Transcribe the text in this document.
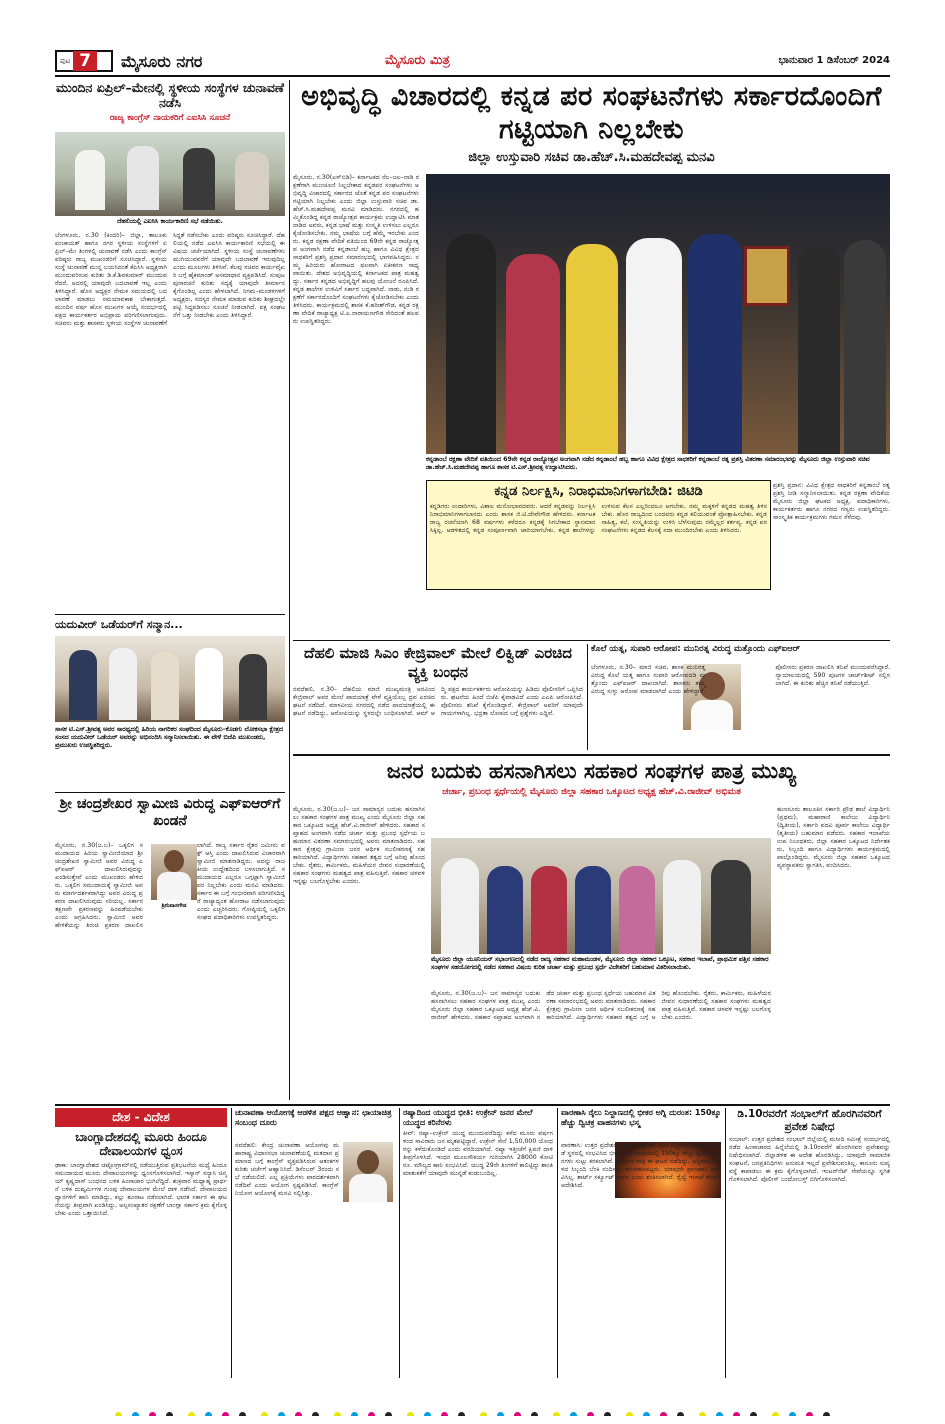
ಪುಟ 7	ಮೈಸೂರು ನಗರ	ಮೈಸೂರು ಮಿತ್ರ	ಭಾನುವಾರ 1 ಡಿಸೆಂಬರ್ 2024
ಮುಂದಿನ ಏಪ್ರಿಲ್–ಮೇನಲ್ಲಿ ಸ್ಥಳೀಯ ಸಂಸ್ಥೆಗಳ ಚುನಾವಣೆ ನಡೆಸಿ
ರಾಜ್ಯ ಕಾಂಗ್ರೆಸ್ ನಾಯಕರಿಗೆ ಎಐಸಿಸಿ ಸೂಚನೆ
ದೆಹಲಿಯಲ್ಲಿ ಎಐಸಿಸಿ ಕಾರ್ಯಕಾರಿಣಿ ಸಭೆ ನಡೆಯಿತು.
ಬೆಂಗಳೂರು, ನ.30 (ಕಿಂದರಿ)– ಜಿಲ್ಲಾ, ತಾಲೂಕು ಪಂಚಾಯತ್ ಹಾಗೂ ನಗರ ಸ್ಥಳೀಯ ಸಂಸ್ಥೆಗಳಿಗೆ ಏಪ್ರಿಲ್–ಮೇ ತಿಂಗಳಲ್ಲಿ ಚುನಾವಣೆ ನಡೆಸಿ ಎಂದು ಕಾಂಗ್ರೆಸ್ ವರಿಷ್ಠರು ರಾಜ್ಯ ಮುಖಂಡರಿಗೆ ಸೂಚಿಸಿದ್ದಾರೆ. ಸ್ಥಳೀಯ ಸಂಸ್ಥೆ ಚುನಾವಣೆ ಮುನ್ನ ಬಯಸಿದಂತೆ ಕೆಪಿಸಿಸಿ ಅಧ್ಯಕ್ಷರಾಗಿ ಮುಂದುವರಿಸುವ ಕುರಿತು ಡಿ.ಕೆ.ಶಿವಕುಮಾರ್ ಮುಂದುವರೆದರೆ, ಅದರಲ್ಲಿ ಯಾವುದೇ ಬದಲಾವಣೆ ಇಲ್ಲ ಎಂದು ತಿಳಿಸಿದ್ದಾರೆ. ಹೊಸ ಅಧ್ಯಕ್ಷರ ನೇಮಕ ಸಮಯದಲ್ಲಿ ಬದಲಾವಣೆ ಮಾಡಲು ಸಮಯಾವಕಾಶ ಬೇಕಾಗುತ್ತದೆ. ಮುಂದಿನ ವರ್ಷ ಹೊಸ ಮುಖಗಳ ಆಯ್ಕೆ ಸಂದರ್ಭದಲ್ಲಿ ಪಕ್ಷದ ಕಾರ್ಯಕರ್ತರ ಅಭಿಪ್ರಾಯ ಪರಿಗಣಿಸಲಾಗುವುದು. ಸಚಿವರು ಮತ್ತು ಶಾಸಕರು ಸ್ಥಳೀಯ ಸಂಸ್ಥೆಗಳ ಚುನಾವಣೆಗೆ ಸಿದ್ಧತೆ ನಡೆಸಬೇಕು ಎಂದು ವರಿಷ್ಠರು ಸೂಚಿಸಿದ್ದಾರೆ. ದೆಹಲಿಯಲ್ಲಿ ನಡೆದ ಎಐಸಿಸಿ ಕಾರ್ಯಕಾರಿಣಿ ಸಭೆಯಲ್ಲಿ ಈ ವಿಷಯ ಚರ್ಚೆಯಾಗಿದೆ. ಸ್ಥಳೀಯ ಸಂಸ್ಥೆ ಚುನಾವಣೆಗಳು ಮುಗಿಯುವವರೆಗೆ ಯಾವುದೇ ಬದಲಾವಣೆ ಇರುವುದಿಲ್ಲ ಎಂದು ಮೂಲಗಳು ತಿಳಿಸಿವೆ. ಕೆಲವು ಸಚಿವರ ಕಾರ್ಯವೈಖರಿ ಬಗ್ಗೆ ಹೈಕಮಾಂಡ್ ಅಸಮಾಧಾನ ವ್ಯಕ್ತಪಡಿಸಿದೆ. ಸಂಪುಟ ಪುನಾರಚನೆ ಕುರಿತು ಸದ್ಯಕ್ಕೆ ಯಾವುದೇ ತೀರ್ಮಾನ ಕೈಗೊಂಡಿಲ್ಲ ಎಂದು ಹೇಳಲಾಗಿದೆ. ನಿಗಮ–ಮಂಡಳಿಗಳಿಗೆ ಅಧ್ಯಕ್ಷರು, ಸದಸ್ಯರ ನೇಮಕ ಮಾಡುವ ಕುರಿತು ಶೀಘ್ರದಲ್ಲೇ ಪಟ್ಟಿ ಸಿದ್ಧಪಡಿಸಲು ಸೂಚನೆ ನೀಡಲಾಗಿದೆ. ಪಕ್ಷ ಸಂಘಟನೆಗೆ ಒತ್ತು ನೀಡಬೇಕು ಎಂದು ತಿಳಿಸಿದ್ದಾರೆ.
ಯದುವೀರ್ ಒಡೆಯರ್‌ಗೆ ಸನ್ಮಾನ...
ಸಾಸಕ ಟಿ.ಎಸ್.ಶ್ರೀವತ್ಸ ಅವರ ಸಾರಥ್ಯದಲ್ಲಿ ಹಿರಿಯ ನಾಗರಿಕರ ಸಂಘದಿಂದ ಮೈಸೂರು–ಕೊಡಗು ಲೋಕಸಭಾ ಕ್ಷೇತ್ರದ ಸಂಸದ ಯದುವೀರ್ ಒಡೆಯರ್ ಅವರನ್ನು ಅಭಿನಂದಿಸಿ ಸನ್ಮಾನಿಸಲಾಯಿತು. ಈ ವೇಳೆ ಬಿಜೆಪಿ ಮುಖಂಡರು, ಪ್ರಮುಖರು ಉಪಸ್ಥಿತರಿದ್ದರು.
ಶ್ರೀ ಚಂದ್ರಶೇಖರ ಸ್ವಾಮೀಜಿ ವಿರುದ್ಧ ಎಫ್‌ಐಆರ್‌ಗೆ ಖಂಡನೆ
ಶ್ರೀನಿವಾಸಗೌಡ
ಮೈಸೂರು, ನ.30(ಜ.ಬ)– ಒಕ್ಕಲಿಗ ಸಮುದಾಯದ ಹಿರಿಯ ಸ್ವಾಮೀಜಿಯಾದ ಶ್ರೀ ಚಂದ್ರಶೇಖರ ಸ್ವಾಮೀಜಿ ಅವರ ವಿರುದ್ಧ ಎಫ್‌ಐಆರ್ ದಾಖಲಿಸಿರುವುದನ್ನು ಖಂಡಿಸುತ್ತೇವೆ ಎಂದು ಮುಖಂಡರು ಹೇಳಿದರು. ಒಕ್ಕಲಿಗ ಸಮುದಾಯಕ್ಕೆ ಸ್ವಾಮೀಜಿ ಅವರು ಮಾರ್ಗದರ್ಶಕರಾಗಿದ್ದು ಅವರ ವಿರುದ್ಧ ಪ್ರಕರಣ ದಾಖಲಿಸಿರುವುದು ಸರಿಯಲ್ಲ. ಸರ್ಕಾರ ತಕ್ಷಣವೇ ಪ್ರಕರಣವನ್ನು ಹಿಂಪಡೆಯಬೇಕು ಎಂದು ಆಗ್ರಹಿಸಿದರು. ಸ್ವಾಮೀಜಿ ಅವರ ಹೇಳಿಕೆಯನ್ನು ತಿರುಚಿ ಪ್ರಕರಣ ದಾಖಲಿಸಲಾಗಿದೆ. ರಾಜ್ಯ ಸರ್ಕಾರ ರೈತರ ಜಮೀನು ವಕ್ಫ್ ಆಸ್ತಿ ಎಂದು ದಾಖಲಿಸಿರುವ ವಿಚಾರವಾಗಿ ಸ್ವಾಮೀಜಿ ಮಾತನಾಡಿದ್ದರು. ಅದನ್ನು ರಾಜಕೀಯ ಉದ್ದೇಶದಿಂದ ಬಳಸಲಾಗುತ್ತಿದೆ. ಸಮುದಾಯದ ಎಲ್ಲರೂ ಒಗ್ಗಟ್ಟಾಗಿ ಸ್ವಾಮೀಜಿ ಪರ ನಿಲ್ಲಬೇಕು ಎಂದು ಮನವಿ ಮಾಡಿದರು. ಸರ್ಕಾರ ಈ ಬಗ್ಗೆ ಗಂಭೀರವಾಗಿ ಪರಿಗಣಿಸದಿದ್ದರೆ ರಾಜ್ಯಾದ್ಯಂತ ಹೋರಾಟ ನಡೆಸಲಾಗುವುದು ಎಂದು ಎಚ್ಚರಿಸಿದರು. ಗೋಷ್ಠಿಯಲ್ಲಿ ಒಕ್ಕಲಿಗ ಸಂಘದ ಪದಾಧಿಕಾರಿಗಳು ಉಪಸ್ಥಿತರಿದ್ದರು.
ಅಭಿವೃದ್ಧಿ ವಿಚಾರದಲ್ಲಿ ಕನ್ನಡ ಪರ ಸಂಘಟನೆಗಳು ಸರ್ಕಾರದೊಂದಿಗೆ ಗಟ್ಟಿಯಾಗಿ ನಿಲ್ಲಬೇಕು
ಜಿಲ್ಲಾ ಉಸ್ತುವಾರಿ ಸಚಿವ ಡಾ.ಹೆಚ್.ಸಿ.ಮಹದೇವಪ್ಪ ಮನವಿ
ಮೈಸೂರು, ನ.30(ಎಸ್‌ಬಿಡಿ)– ಕರ್ನಾಟಕದ ನೆಲ–ಜಲ–ನಾಡಿ ರಕ್ಷಣೆಗಾಗಿ ಮುಂಚೂಣಿ ನಿಲ್ಲಬೇಕಾದ ಕನ್ನಡಪರ ಸಂಘಟನೆಗಳು ಅಭಿವೃದ್ಧಿ ವಿಚಾರದಲ್ಲಿ ಸರ್ಕಾರದ ಜೊತೆ ಕನ್ನಡ ಪರ ಸಂಘಟನೆಗಳು ಗಟ್ಟಿಯಾಗಿ ನಿಲ್ಲಬೇಕು ಎಂದು ಜಿಲ್ಲಾ ಉಸ್ತುವಾರಿ ಸಚಿವ ಡಾ.ಹೆಚ್.ಸಿ.ಮಹದೇವಪ್ಪ ಮನವಿ ಮಾಡಿದರು. ನಗರದಲ್ಲಿ ಹಮ್ಮಿಕೊಂಡಿದ್ದ ಕನ್ನಡ ರಾಜ್ಯೋತ್ಸವ ಕಾರ್ಯಕ್ರಮ ಉದ್ಘಾಟಿಸಿ ಮಾತನಾಡಿದ ಅವರು, ಕನ್ನಡ ಭಾಷೆ ಮತ್ತು ಸಂಸ್ಕೃತಿ ಉಳಿಸಲು ಎಲ್ಲರೂ ಕೈಜೋಡಿಸಬೇಕು. ನಮ್ಮ ಭಾಷೆಯ ಬಗ್ಗೆ ಹೆಮ್ಮೆ ಇರಬೇಕು ಎಂದರು. ಕನ್ನಡ ರಕ್ಷಣಾ ವೇದಿಕೆ ವತಿಯಿಂದ 69ನೇ ಕನ್ನಡ ರಾಜ್ಯೋತ್ಸವ ಅಂಗವಾಗಿ ನಡೆದ ಕನ್ನಡಾಂಬೆ ಹಬ್ಬ ಹಾಗೂ ವಿವಿಧ ಕ್ಷೇತ್ರದ ಸಾಧಕರಿಗೆ ಪ್ರಶಸ್ತಿ ಪ್ರದಾನ ಸಮಾರಂಭದಲ್ಲಿ ಭಾಗವಹಿಸಿದ್ದರು. ನಮ್ಮ ಹಿರಿಯರು ಹೋರಾಟದ ಫಲವಾಗಿ ಏಕೀಕರಣ ಸಾಧ್ಯವಾಯಿತು. ದೇಶದ ಅಭಿವೃದ್ಧಿಯಲ್ಲಿ ಕರ್ನಾಟಕದ ಪಾತ್ರ ಮಹತ್ವದ್ದು. ಸರ್ಕಾರ ಕನ್ನಡದ ಅಭಿವೃದ್ಧಿಗೆ ಹಲವು ಯೋಜನೆ ರೂಪಿಸಿದೆ. ಕನ್ನಡ ಶಾಲೆಗಳ ಉಳಿವಿಗೆ ಸರ್ಕಾರ ಬದ್ಧವಾಗಿದೆ. ನಾಡು, ನುಡಿ ರಕ್ಷಣೆಗೆ ಸರ್ಕಾರದೊಂದಿಗೆ ಸಂಘಟನೆಗಳು ಕೈಜೋಡಿಸಬೇಕು ಎಂದು ತಿಳಿಸಿದರು. ಕಾರ್ಯಕ್ರಮದಲ್ಲಿ ಶಾಸಕ ಕೆ.ಹರೀಶ್‌ಗೌಡ, ಕನ್ನಡ ರಕ್ಷಣಾ ವೇದಿಕೆ ರಾಜ್ಯಾಧ್ಯಕ್ಷ ಟಿ.ಎ.ನಾರಾಯಣಗೌಡ ಸೇರಿದಂತೆ ಹಲವರು ಉಪಸ್ಥಿತರಿದ್ದರು.
ಕನ್ನಡಾಂಬೆ ರಕ್ಷಣಾ ವೇದಿಕೆ ವತಿಯಿಂದ 69ನೇ ಕನ್ನಡ ರಾಜ್ಯೋತ್ಸವ ಅಂಗವಾಗಿ ನಡೆದ ಕನ್ನಡಾಂಬೆ ಹಬ್ಬ ಹಾಗೂ ವಿವಿಧ ಕ್ಷೇತ್ರದ ಸಾಧಕರಿಗೆ ಕನ್ನಡಾಂಬೆ ರತ್ನ ಪ್ರಶಸ್ತಿ ವಿತರಣಾ ಸಮಾರಂಭವನ್ನು ಮೈಸೂರು ಜಿಲ್ಲಾ ಉಸ್ತುವಾರಿ ಸಚಿವ ಡಾ.ಹೆಚ್.ಸಿ.ಮಹದೇವಪ್ಪ ಹಾಗೂ ಶಾಸಕ ಟಿ.ಎಸ್.ಶ್ರೀವತ್ಸ ಉದ್ಘಾಟಿಸಿದರು.
ಪ್ರಶಸ್ತಿ ಪ್ರದಾನ: ವಿವಿಧ ಕ್ಷೇತ್ರದ ಸಾಧಕರಿಗೆ ಕನ್ನಡಾಂಬೆ ರತ್ನ ಪ್ರಶಸ್ತಿ ನೀಡಿ ಸನ್ಮಾನಿಸಲಾಯಿತು. ಕನ್ನಡ ರಕ್ಷಣಾ ವೇದಿಕೆಯ ಮೈಸೂರು ಜಿಲ್ಲಾ ಘಟಕದ ಅಧ್ಯಕ್ಷ, ಪದಾಧಿಕಾರಿಗಳು, ಕಾರ್ಯಕರ್ತರು ಹಾಗೂ ನಗರದ ಗಣ್ಯರು ಉಪಸ್ಥಿತರಿದ್ದರು. ಸಾಂಸ್ಕೃತಿಕ ಕಾರ್ಯಕ್ರಮಗಳು ಗಮನ ಸೆಳೆದವು.
ಕನ್ನಡ ನಿರ್ಲಕ್ಷಿಸಿ, ನಿರಾಭಿಮಾನಿಗಳಾಗಬೇಡಿ: ಜಿಟಿಡಿ
ಕನ್ನಡಿಗರು ಉದಾರಿಗಳು, ವಿಶಾಲ ಮನೋಭಾವದವರು. ಆದರೆ ಕನ್ನಡವನ್ನು ನಿರ್ಲಕ್ಷಿಸಿ ನಿರಾಭಿಮಾನಿಗಳಾಗಬಾರದು ಎಂದು ಶಾಸಕ ಜಿ.ಟಿ.ದೇವೇಗೌಡ ಹೇಳಿದರು. ಕರ್ನಾಟಕ ರಾಜ್ಯ ರಚನೆಯಾಗಿ 68 ವರ್ಷಗಳು ಕಳೆದರೂ ಕನ್ನಡಕ್ಕೆ ಸಿಗಬೇಕಾದ ಸ್ಥಾನಮಾನ ಸಿಕ್ಕಿಲ್ಲ. ಆಡಳಿತದಲ್ಲಿ ಕನ್ನಡ ಸಂಪೂರ್ಣವಾಗಿ ಜಾರಿಯಾಗಬೇಕು. ಕನ್ನಡ ಶಾಲೆಗಳನ್ನು ಉಳಿಸುವ ಕೆಲಸ ಎಲ್ಲರಿಂದಲೂ ಆಗಬೇಕು. ನಮ್ಮ ಮಕ್ಕಳಿಗೆ ಕನ್ನಡದ ಮಹತ್ವ ತಿಳಿಸಬೇಕು. ಹೊರ ರಾಜ್ಯದಿಂದ ಬಂದವರು ಕನ್ನಡ ಕಲಿಯುವಂತೆ ಪ್ರೋತ್ಸಾಹಿಸಬೇಕು. ಕನ್ನಡ ಸಾಹಿತ್ಯ, ಕಲೆ, ಸಂಸ್ಕೃತಿಯನ್ನು ಉಳಿಸಿ ಬೆಳೆಸುವುದು ನಮ್ಮೆಲ್ಲರ ಕರ್ತವ್ಯ. ಕನ್ನಡ ಪರ ಸಂಘಟನೆಗಳು ಕನ್ನಡದ ಕೆಲಸಕ್ಕೆ ಸದಾ ಮುಂದಿರಬೇಕು ಎಂದು ತಿಳಿಸಿದರು.
ದೆಹಲಿ ಮಾಜಿ ಸಿಎಂ ಕೇಜ್ರಿವಾಲ್ ಮೇಲೆ ಲಿಕ್ವಿಡ್ ಎರಚಿದ ವ್ಯಕ್ತಿ ಬಂಧನ
ನವದೆಹಲಿ, ನ.30– ದೆಹಲಿಯ ಮಾಜಿ ಮುಖ್ಯಮಂತ್ರಿ ಅರವಿಂದ ಕೇಜ್ರಿವಾಲ್ ಅವರ ಮೇಲೆ ಪಾದಯಾತ್ರೆ ವೇಳೆ ವ್ಯಕ್ತಿಯೊಬ್ಬ ದ್ರವ ಎರಚಿದ ಘಟನೆ ನಡೆದಿದೆ. ಮಾಳವೀಯ ನಗರದಲ್ಲಿ ನಡೆದ ಪಾದಯಾತ್ರೆಯಲ್ಲಿ ಈ ಘಟನೆ ನಡೆದಿದ್ದು, ಆರೋಪಿಯನ್ನು ಸ್ಥಳದಲ್ಲೇ ಬಂಧಿಸಲಾಗಿದೆ. ಆಮ್ ಆದ್ಮಿ ಪಕ್ಷದ ಕಾರ್ಯಕರ್ತರು ಆರೋಪಿಯನ್ನು ಹಿಡಿದು ಪೊಲೀಸರಿಗೆ ಒಪ್ಪಿಸಿದರು. ಘಟನೆಯ ಹಿಂದೆ ಬಿಜೆಪಿ ಕೈವಾಡವಿದೆ ಎಂದು ಎಎಪಿ ಆರೋಪಿಸಿದೆ. ಪೊಲೀಸರು ತನಿಖೆ ಕೈಗೊಂಡಿದ್ದಾರೆ. ಕೇಜ್ರಿವಾಲ್ ಅವರಿಗೆ ಯಾವುದೇ ಗಾಯಗಳಾಗಿಲ್ಲ. ಭದ್ರತಾ ಲೋಪದ ಬಗ್ಗೆ ಪ್ರಶ್ನೆಗಳು ಎದ್ದಿವೆ.
ಕೊಲೆ ಯತ್ನ, ಸುಪಾರಿ ಆರೋಪ: ಮುನಿರತ್ನ ವಿರುದ್ಧ ಮತ್ತೊಂದು ಎಫ್‌ಐಆರ್
ಬೆಂಗಳೂರು, ನ.30– ಮಾಜಿ ಸಚಿವ, ಶಾಸಕ ಮುನಿರತ್ನ ವಿರುದ್ಧ ಕೊಲೆ ಯತ್ನ ಹಾಗೂ ಸುಪಾರಿ ಆರೋಪದಡಿ ಮತ್ತೊಂದು ಎಫ್‌ಐಆರ್ ದಾಖಲಾಗಿದೆ. ಶಾಸಕರು ತಮ್ಮ ವಿರುದ್ಧ ಸುಳ್ಳು ಆರೋಪ ಮಾಡಲಾಗಿದೆ ಎಂದು ಹೇಳಿದ್ದಾರೆ. ಪೊಲೀಸರು ಪ್ರಕರಣ ದಾಖಲಿಸಿ ತನಿಖೆ ಮುಂದುವರೆಸಿದ್ದಾರೆ. ನ್ಯಾಯಾಲಯದಲ್ಲಿ 590 ಪುಟಗಳ ಚಾರ್ಜ್‌ಶೀಟ್ ಸಲ್ಲಿಸಲಾಗಿದೆ. ಈ ಕುರಿತು ಹೆಚ್ಚಿನ ತನಿಖೆ ನಡೆಯುತ್ತಿದೆ.
ಜನರ ಬದುಕು ಹಸನಾಗಿಸಲು ಸಹಕಾರ ಸಂಘಗಳ ಪಾತ್ರ ಮುಖ್ಯ
ಚರ್ಚಾ, ಪ್ರಬಂಧ ಸ್ಪರ್ಧೆಯಲ್ಲಿ ಮೈಸೂರು ಜಿಲ್ಲಾ ಸಹಕಾರ ಒಕ್ಕೂಟದ ಅಧ್ಯಕ್ಷ ಹೆಚ್.ವಿ.ರಾಜೀವ್ ಅಭಿಮತ
ಮೈಸೂರು, ನ.30(ಜ.ಬ)– ಜನ ಸಾಮಾನ್ಯರ ಬದುಕು ಹಸನಾಗಿಸಲು ಸಹಕಾರ ಸಂಘಗಳ ಪಾತ್ರ ಮುಖ್ಯ ಎಂದು ಮೈಸೂರು ಜಿಲ್ಲಾ ಸಹಕಾರ ಒಕ್ಕೂಟದ ಅಧ್ಯಕ್ಷ ಹೆಚ್.ವಿ.ರಾಜೀವ್ ಹೇಳಿದರು. ಸಹಕಾರ ಸಪ್ತಾಹದ ಅಂಗವಾಗಿ ನಡೆದ ಚರ್ಚಾ ಮತ್ತು ಪ್ರಬಂಧ ಸ್ಪರ್ಧೆಯ ಬಹುಮಾನ ವಿತರಣಾ ಸಮಾರಂಭದಲ್ಲಿ ಅವರು ಮಾತನಾಡಿದರು. ಸಹಕಾರ ಕ್ಷೇತ್ರವು ಗ್ರಾಮೀಣ ಜನರ ಆರ್ಥಿಕ ಸಬಲೀಕರಣಕ್ಕೆ ಸಹಕಾರಿಯಾಗಿದೆ. ವಿದ್ಯಾರ್ಥಿಗಳು ಸಹಕಾರ ತತ್ವದ ಬಗ್ಗೆ ಅರಿವು ಹೊಂದಬೇಕು. ರೈತರು, ಕಾರ್ಮಿಕರು, ಮಹಿಳೆಯರ ಜೀವನ ಸುಧಾರಣೆಯಲ್ಲಿ ಸಹಕಾರ ಸಂಘಗಳು ಮಹತ್ವದ ಪಾತ್ರ ವಹಿಸುತ್ತಿವೆ. ಸಹಕಾರ ಚಳವಳಿ ಇನ್ನಷ್ಟು ಬಲಗೊಳ್ಳಬೇಕು ಎಂದರು.
ಮೈಸೂರು ಜಿಲ್ಲಾ ಯೂನಿಯನ್ ಸಭಾಂಗಣದಲ್ಲಿ ನಡೆದ ರಾಜ್ಯ ಸಹಕಾರ ಮಹಾಮಂಡಳ, ಮೈಸೂರು ಜಿಲ್ಲಾ ಸಹಕಾರ ಒಕ್ಕೂಟ, ಸಹಕಾರ ಇಲಾಖೆ, ಪ್ರಾಥಮಿಕ ಪತ್ತಿನ ಸಹಕಾರ ಸಂಘಗಳ ಸಹಯೋಗದಲ್ಲಿ ನಡೆದ ಸಹಕಾರ ವಿಷಯ ಕುರಿತ ಚರ್ಚಾ ಮತ್ತು ಪ್ರಬಂಧ ಸ್ಪರ್ಧೆ ವಿಜೇತರಿಗೆ ಬಹುಮಾನ ವಿತರಿಸಲಾಯಿತು.
ಹುಣಸೂರು ತಾಲೂಕಿನ ಸರ್ಕಾರಿ ಪ್ರೌಢ ಶಾಲೆ ವಿದ್ಯಾರ್ಥಿನಿ (ಪ್ರಥಮ), ಮಹಾರಾಣಿ ಕಾಲೇಜು ವಿದ್ಯಾರ್ಥಿನಿ (ದ್ವಿತೀಯ), ಸರ್ಕಾರಿ ಪದವಿ ಪೂರ್ವ ಕಾಲೇಜು ವಿದ್ಯಾರ್ಥಿ (ತೃತೀಯ) ಬಹುಮಾನ ಪಡೆದರು. ಸಹಕಾರ ಇಲಾಖೆಯ ಉಪ ನಿಬಂಧಕರು, ಜಿಲ್ಲಾ ಸಹಕಾರ ಒಕ್ಕೂಟದ ನಿರ್ದೇಶಕರು, ಸಿಬ್ಬಂದಿ ಹಾಗೂ ವಿದ್ಯಾರ್ಥಿಗಳು ಕಾರ್ಯಕ್ರಮದಲ್ಲಿ ಪಾಲ್ಗೊಂಡಿದ್ದರು. ಮೈಸೂರು ಜಿಲ್ಲಾ ಸಹಕಾರ ಒಕ್ಕೂಟದ ವ್ಯವಸ್ಥಾಪಕರು ಸ್ವಾಗತಿಸಿ, ವಂದಿಸಿದರು.
ಮೈಸೂರು, ನ.30(ಜ.ಬ)– ಜನ ಸಾಮಾನ್ಯರ ಬದುಕು ಹಸನಾಗಿಸಲು ಸಹಕಾರ ಸಂಘಗಳ ಪಾತ್ರ ಮುಖ್ಯ ಎಂದು ಮೈಸೂರು ಜಿಲ್ಲಾ ಸಹಕಾರ ಒಕ್ಕೂಟದ ಅಧ್ಯಕ್ಷ ಹೆಚ್.ವಿ.ರಾಜೀವ್ ಹೇಳಿದರು. ಸಹಕಾರ ಸಪ್ತಾಹದ ಅಂಗವಾಗಿ ನಡೆದ ಚರ್ಚಾ ಮತ್ತು ಪ್ರಬಂಧ ಸ್ಪರ್ಧೆಯ ಬಹುಮಾನ ವಿತರಣಾ ಸಮಾರಂಭದಲ್ಲಿ ಅವರು ಮಾತನಾಡಿದರು. ಸಹಕಾರ ಕ್ಷೇತ್ರವು ಗ್ರಾಮೀಣ ಜನರ ಆರ್ಥಿಕ ಸಬಲೀಕರಣಕ್ಕೆ ಸಹಕಾರಿಯಾಗಿದೆ. ವಿದ್ಯಾರ್ಥಿಗಳು ಸಹಕಾರ ತತ್ವದ ಬಗ್ಗೆ ಅರಿವು ಹೊಂದಬೇಕು. ರೈತರು, ಕಾರ್ಮಿಕರು, ಮಹಿಳೆಯರ ಜೀವನ ಸುಧಾರಣೆಯಲ್ಲಿ ಸಹಕಾರ ಸಂಘಗಳು ಮಹತ್ವದ ಪಾತ್ರ ವಹಿಸುತ್ತಿವೆ. ಸಹಕಾರ ಚಳವಳಿ ಇನ್ನಷ್ಟು ಬಲಗೊಳ್ಳಬೇಕು ಎಂದರು.
ದೇಶ - ವಿದೇಶ
ಬಾಂಗ್ಲಾದೇಶದಲ್ಲಿ ಮೂರು ಹಿಂದೂ ದೇವಾಲಯಗಳ ಧ್ವಂಸ
ಢಾಕಾ: ಬಾಂಗ್ಲಾದೇಶದ ಚಟ್ಟೋಗ್ರಾಮ್‌ನಲ್ಲಿ ನಡೆಯುತ್ತಿರುವ ಪ್ರತಿಭಟನೆಯ ಮಧ್ಯೆ ಹಿಂದೂ ಸಮುದಾಯದ ಮೂರು ದೇವಾಲಯಗಳನ್ನು ಧ್ವಂಸಗೊಳಿಸಲಾಗಿದೆ. ಇಸ್ಕಾನ್ ಸನ್ಯಾಸಿ ಚಿನ್ಮಯ್ ಕೃಷ್ಣದಾಸ್ ಬಂಧನದ ಬಳಿಕ ಹಿಂಸಾಚಾರ ಭುಗಿಲೆದ್ದಿದೆ. ಶುಕ್ರವಾರ ಮಧ್ಯಾಹ್ನ ಪ್ರಾರ್ಥನೆ ಬಳಿಕ ದುಷ್ಕರ್ಮಿಗಳ ಗುಂಪು ದೇವಾಲಯಗಳ ಮೇಲೆ ದಾಳಿ ನಡೆಸಿದೆ. ದೇವಾಲಯದ ದ್ವಾರಗಳಿಗೆ ಹಾನಿ ಮಾಡಿದ್ದು, ಕಲ್ಲು ತೂರಾಟ ನಡೆಸಲಾಗಿದೆ. ಭಾರತ ಸರ್ಕಾರ ಈ ಘಟನೆಯನ್ನು ತೀವ್ರವಾಗಿ ಖಂಡಿಸಿದ್ದು, ಅಲ್ಪಸಂಖ್ಯಾತರ ರಕ್ಷಣೆಗೆ ಬಾಂಗ್ಲಾ ಸರ್ಕಾರ ಕ್ರಮ ಕೈಗೊಳ್ಳಬೇಕು ಎಂದು ಒತ್ತಾಯಿಸಿದೆ.
ಚುನಾವಣಾ ಆಯೋಗಕ್ಕೆ ಆಡಳಿತ ಪಕ್ಷದ ಆಹ್ವಾನ: ಛಾಯಾಚಿತ್ರ ಸಂಬಂಧ ದೂರು
ನವದೆಹಲಿ: ಕೇಂದ್ರ ಚುನಾವಣಾ ಆಯೋಗವು ಮಹಾರಾಷ್ಟ್ರ ವಿಧಾನಸಭಾ ಚುನಾವಣೆಯಲ್ಲಿ ಮತದಾನ ಪ್ರಮಾಣದ ಬಗ್ಗೆ ಕಾಂಗ್ರೆಸ್ ವ್ಯಕ್ತಪಡಿಸಿರುವ ಆತಂಕಗಳ ಕುರಿತು ಚರ್ಚೆಗೆ ಆಹ್ವಾನಿಸಿದೆ. ಡಿಸೆಂಬರ್ 3ರಂದು ಸಭೆ ನಡೆಯಲಿದೆ. ಎಲ್ಲ ಪ್ರಕ್ರಿಯೆಗಳು ಪಾರದರ್ಶಕವಾಗಿ ನಡೆದಿವೆ ಎಂದು ಆಯೋಗ ಸ್ಪಷ್ಟಪಡಿಸಿದೆ. ಕಾಂಗ್ರೆಸ್ ನಿಯೋಗ ಆಯೋಗಕ್ಕೆ ಮನವಿ ಸಲ್ಲಿಸಿತ್ತು.
ರಷ್ಯಾದಿಂದ ಯುದ್ಧದ ಭೀತಿ: ಉಕ್ರೇನ್ ಜನರ ಮೇಲೆ ಯುದ್ಧದ ಕರಿನೆರಳು
ಕೀವ್: ರಷ್ಯಾ–ಉಕ್ರೇನ್ ಯುದ್ಧ ಮುಂದುವರೆದಿದ್ದು ಕಳೆದ ಮೂರು ವರ್ಷಗಳಿಂದ ಸಾವಿರಾರು ಜನ ಮೃತಪಟ್ಟಿದ್ದಾರೆ. ಉಕ್ರೇನ್ ಸೇನೆ 1,50,000 ಯೋಧರನ್ನು ಕಳೆದುಕೊಂಡಿದೆ ಎಂದು ವರದಿಯಾಗಿದೆ. ರಷ್ಯಾ ಇತ್ತೀಚೆಗೆ ಕ್ಷಿಪಣಿ ದಾಳಿ ತೀವ್ರಗೊಳಿಸಿದೆ. ಇಂಧನ ಮೂಲಸೌಕರ್ಯ ಗುರಿಯಾಗಿಸಿ 28000 ಕೋಟಿ ರೂ. ಮೌಲ್ಯದ ಹಾನಿ ಸಂಭವಿಸಿದೆ. ಯುದ್ಧ 29ನೇ ತಿಂಗಳಿಗೆ ಕಾಲಿಟ್ಟಿದ್ದು ಶಾಂತಿ ಮಾತುಕತೆಗೆ ಯಾವುದೇ ಮುನ್ನಡೆ ಕಂಡುಬಂದಿಲ್ಲ.
ವಾರಣಾಸಿ ರೈಲು ನಿಲ್ದಾಣದಲ್ಲಿ ಭೀಕರ ಅಗ್ನಿ ದುರಂತ: 150ಕ್ಕೂ ಹೆಚ್ಚು ದ್ವಿಚಕ್ರ ವಾಹನಗಳು ಭಸ್ಮ
ವಾರಣಾಸಿ: ಉತ್ತರ ಪ್ರದೇಶದ ವಾರಣಾಸಿ ಕ್ಯಾಂಟ್ ರೈಲು ನಿಲ್ದಾಣದ ವಾಹನ ನಿಲುಗಡೆ ಸ್ಥಳದಲ್ಲಿ ಸಂಭವಿಸಿದ ಭೀಕರ ಅಗ್ನಿ ಅವಘಡದಲ್ಲಿ 150ಕ್ಕೂ ಹೆಚ್ಚು ದ್ವಿಚಕ್ರ ವಾಹನಗಳು ಸುಟ್ಟು ಕರಕಲಾಗಿವೆ. ಶುಕ್ರವಾರ ರಾತ್ರಿ ಈ ಘಟನೆ ನಡೆದಿದ್ದು, ಅಗ್ನಿಶಾಮಕ ದಳದ ಸಿಬ್ಬಂದಿ ಬೆಂಕಿ ನಂದಿಸಲು ಹರಸಾಹಸಪಟ್ಟರು. ಯಾವುದೇ ಪ್ರಾಣಹಾನಿ ಸಂಭವಿಸಿಲ್ಲ. ಶಾರ್ಟ್ ಸರ್ಕ್ಯೂಟ್ ಕಾರಣ ಎಂದು ಶಂಕಿಸಲಾಗಿದೆ. ರೈಲ್ವೆ ಇಲಾಖೆ ತನಿಖೆಗೆ ಆದೇಶಿಸಿದೆ.
ಡಿ.10ರವರೆಗೆ ಸಂಭಾಲ್‌ಗೆ ಹೊರಗಿನವರಿಗೆ ಪ್ರವೇಶ ನಿಷೇಧ
ಸಂಭಾಲ್: ಉತ್ತರ ಪ್ರದೇಶದ ಸಂಭಾಲ್ ಜಿಲ್ಲೆಯಲ್ಲಿ ಮಸೀದಿ ಸಮೀಕ್ಷೆ ಸಂದರ್ಭದಲ್ಲಿ ನಡೆದ ಹಿಂಸಾಚಾರದ ಹಿನ್ನೆಲೆಯಲ್ಲಿ ಡಿ.10ರವರೆಗೆ ಹೊರಗಿನವರ ಪ್ರವೇಶವನ್ನು ನಿಷೇಧಿಸಲಾಗಿದೆ. ಜಿಲ್ಲಾಡಳಿತ ಈ ಆದೇಶ ಹೊರಡಿಸಿದ್ದು, ಯಾವುದೇ ಸಾಮಾಜಿಕ ಸಂಘಟನೆ, ಜನಪ್ರತಿನಿಧಿಗಳು ಅನುಮತಿ ಇಲ್ಲದೆ ಪ್ರವೇಶಿಸುವಂತಿಲ್ಲ. ಕಾನೂನು ಸುವ್ಯವಸ್ಥೆ ಕಾಪಾಡಲು ಈ ಕ್ರಮ ಕೈಗೊಳ್ಳಲಾಗಿದೆ. ಇಂಟರ್‌ನೆಟ್ ಸೇವೆಯನ್ನೂ ಸ್ಥಗಿತಗೊಳಿಸಲಾಗಿದೆ. ಪೊಲೀಸ್ ಬಂದೋಬಸ್ತ್ ಬಿಗಿಗೊಳಿಸಲಾಗಿದೆ.
